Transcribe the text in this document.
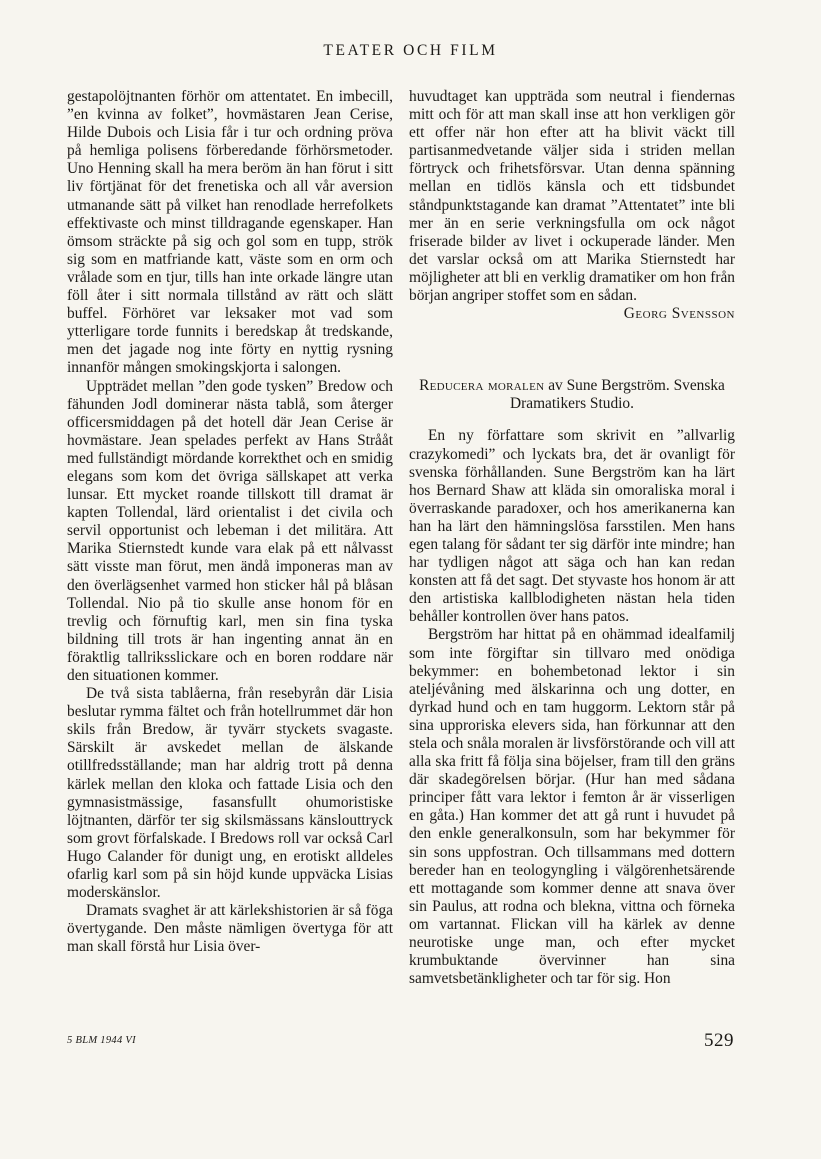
TEATER OCH FILM

gestapolöjtnanten förhör om attentatet. En imbecill, ”en kvinna av folket”, hovmästaren Jean Cerise, Hilde Dubois och Lisia får i tur och ordning pröva på hemliga polisens förberedande förhörsmetoder. Uno Henning skall ha mera beröm än han förut i sitt liv förtjänat för det frenetiska och all vår aversion utmanande sätt på vilket han renodlade herrefolkets effektivaste och minst tilldragande egenskaper. Han ömsom sträckte på sig och gol som en tupp, strök sig som en matfriande katt, väste som en orm och vrålade som en tjur, tills han inte orkade längre utan föll åter i sitt normala tillstånd av rätt och slätt buffel. Förhöret var leksaker mot vad som ytterligare torde funnits i beredskap åt tredskande, men det jagade nog inte förty en nyttig rysning innanför mången smokingskjorta i salongen.

Uppträdet mellan ”den gode tysken” Bredow och fähunden Jodl dominerar nästa tablå, som återger officersmiddagen på det hotell där Jean Cerise är hovmästare. Jean spelades perfekt av Hans Strååt med fullständigt mördande korrekthet och en smidig elegans som kom det övriga sällskapet att verka lunsar. Ett mycket roande tillskott till dramat är kapten Tollendal, lärd orientalist i det civila och servil opportunist och lebeman i det militära. Att Marika Stiernstedt kunde vara elak på ett nålvasst sätt visste man förut, men ändå imponeras man av den överlägsenhet varmed hon sticker hål på blåsan Tollendal. Nio på tio skulle anse honom för en trevlig och förnuftig karl, men sin fina tyska bildning till trots är han ingenting annat än en föraktlig tallriksslickare och en boren roddare när den situationen kommer.

De två sista tablåerna, från resebyrån där Lisia beslutar rymma fältet och från hotellrummet där hon skils från Bredow, är tyvärr styckets svagaste. Särskilt är avskedet mellan de älskande otillfredsställande; man har aldrig trott på denna kärlek mellan den kloka och fattade Lisia och den gymnasistmässige, fasansfullt ohumoristiske löjtnanten, därför ter sig skilsmässans känslouttryck som grovt förfalskade. I Bredows roll var också Carl Hugo Calander för dunigt ung, en erotiskt alldeles ofarlig karl som på sin höjd kunde uppväcka Lisias moderskänslor.

Dramats svaghet är att kärlekshistorien är så föga övertygande. Den måste nämligen övertyga för att man skall förstå hur Lisia över-

huvudtaget kan uppträda som neutral i fiendernas mitt och för att man skall inse att hon verkligen gör ett offer när hon efter att ha blivit väckt till partisanmedvetande väljer sida i striden mellan förtryck och frihetsförsvar. Utan denna spänning mellan en tidlös känsla och ett tidsbundet ståndpunktstagande kan dramat ”Attentatet” inte bli mer än en serie verkningsfulla om ock något friserade bilder av livet i ockuperade länder. Men det varslar också om att Marika Stiernstedt har möjligheter att bli en verklig dramatiker om hon från början angriper stoffet som en sådan.

Georg Svensson

Reducera moralen av Sune Bergström. Svenska Dramatikers Studio.

En ny författare som skrivit en ”allvarlig crazykomedi” och lyckats bra, det är ovanligt för svenska förhållanden. Sune Bergström kan ha lärt hos Bernard Shaw att kläda sin omoraliska moral i överraskande paradoxer, och hos amerikanerna kan han ha lärt den hämningslösa farsstilen. Men hans egen talang för sådant ter sig därför inte mindre; han har tydligen något att säga och han kan redan konsten att få det sagt. Det styvaste hos honom är att den artistiska kallblodigheten nästan hela tiden behåller kontrollen över hans patos.

Bergström har hittat på en ohämmad idealfamilj som inte förgiftar sin tillvaro med onödiga bekymmer: en bohembetonad lektor i sin ateljévåning med älskarinna och ung dotter, en dyrkad hund och en tam huggorm. Lektorn står på sina upproriska elevers sida, han förkunnar att den stela och snåla moralen är livsförstörande och vill att alla ska fritt få följa sina böjelser, fram till den gräns där skadegörelsen börjar. (Hur han med sådana principer fått vara lektor i femton år är visserligen en gåta.) Han kommer det att gå runt i huvudet på den enkle generalkonsuln, som har bekymmer för sin sons uppfostran. Och tillsammans med dottern bereder han en teologyngling i välgörenhetsärende ett mottagande som kommer denne att snava över sin Paulus, att rodna och blekna, vittna och förneka om vartannat. Flickan vill ha kärlek av denne neurotiske unge man, och efter mycket krumbuktande övervinner han sina samvetsbetänkligheter och tar för sig. Hon

5 BLM 1944 VI	529
